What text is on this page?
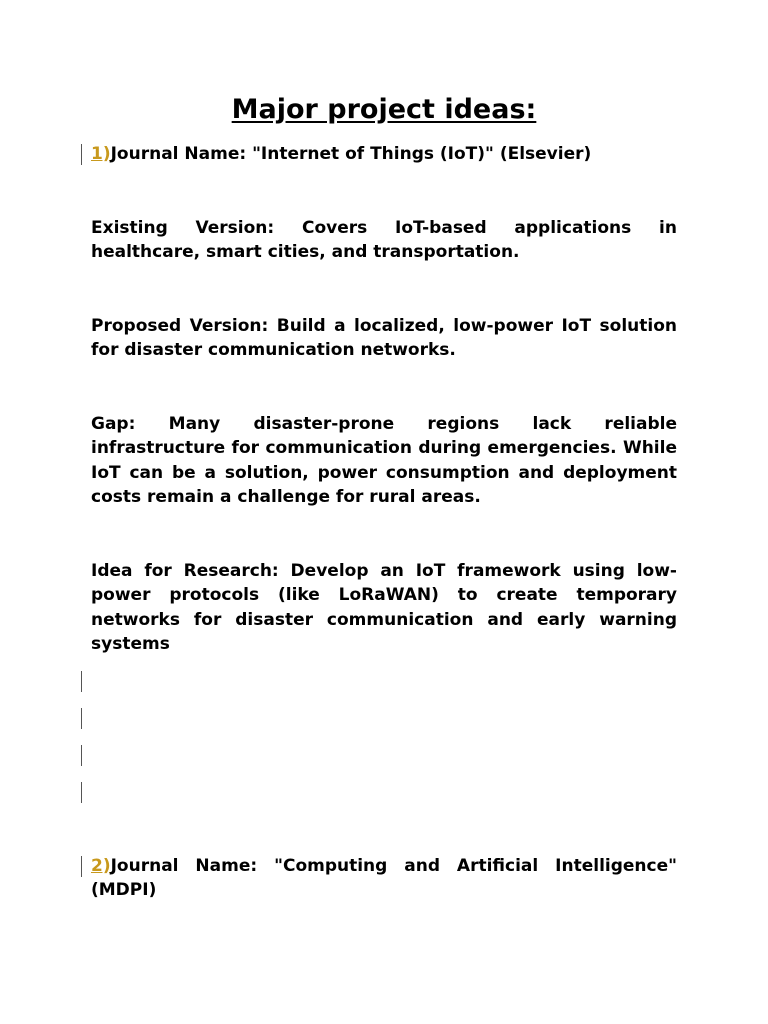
Major project ideas:
1)Journal Name: "Internet of Things (IoT)" (Elsevier)

Existing Version: Covers IoT-based applications in healthcare, smart cities, and transportation.

Proposed Version: Build a localized, low-power IoT solution for disaster communication networks.

Gap: Many disaster-prone regions lack reliable infrastructure for communication during emergencies. While IoT can be a solution, power consumption and deployment costs remain a challenge for rural areas.

Idea for Research: Develop an IoT framework using low-power protocols (like LoRaWAN) to create temporary networks for disaster communication and early warning systems

2)Journal Name: "Computing and Artificial Intelligence" (MDPI)
